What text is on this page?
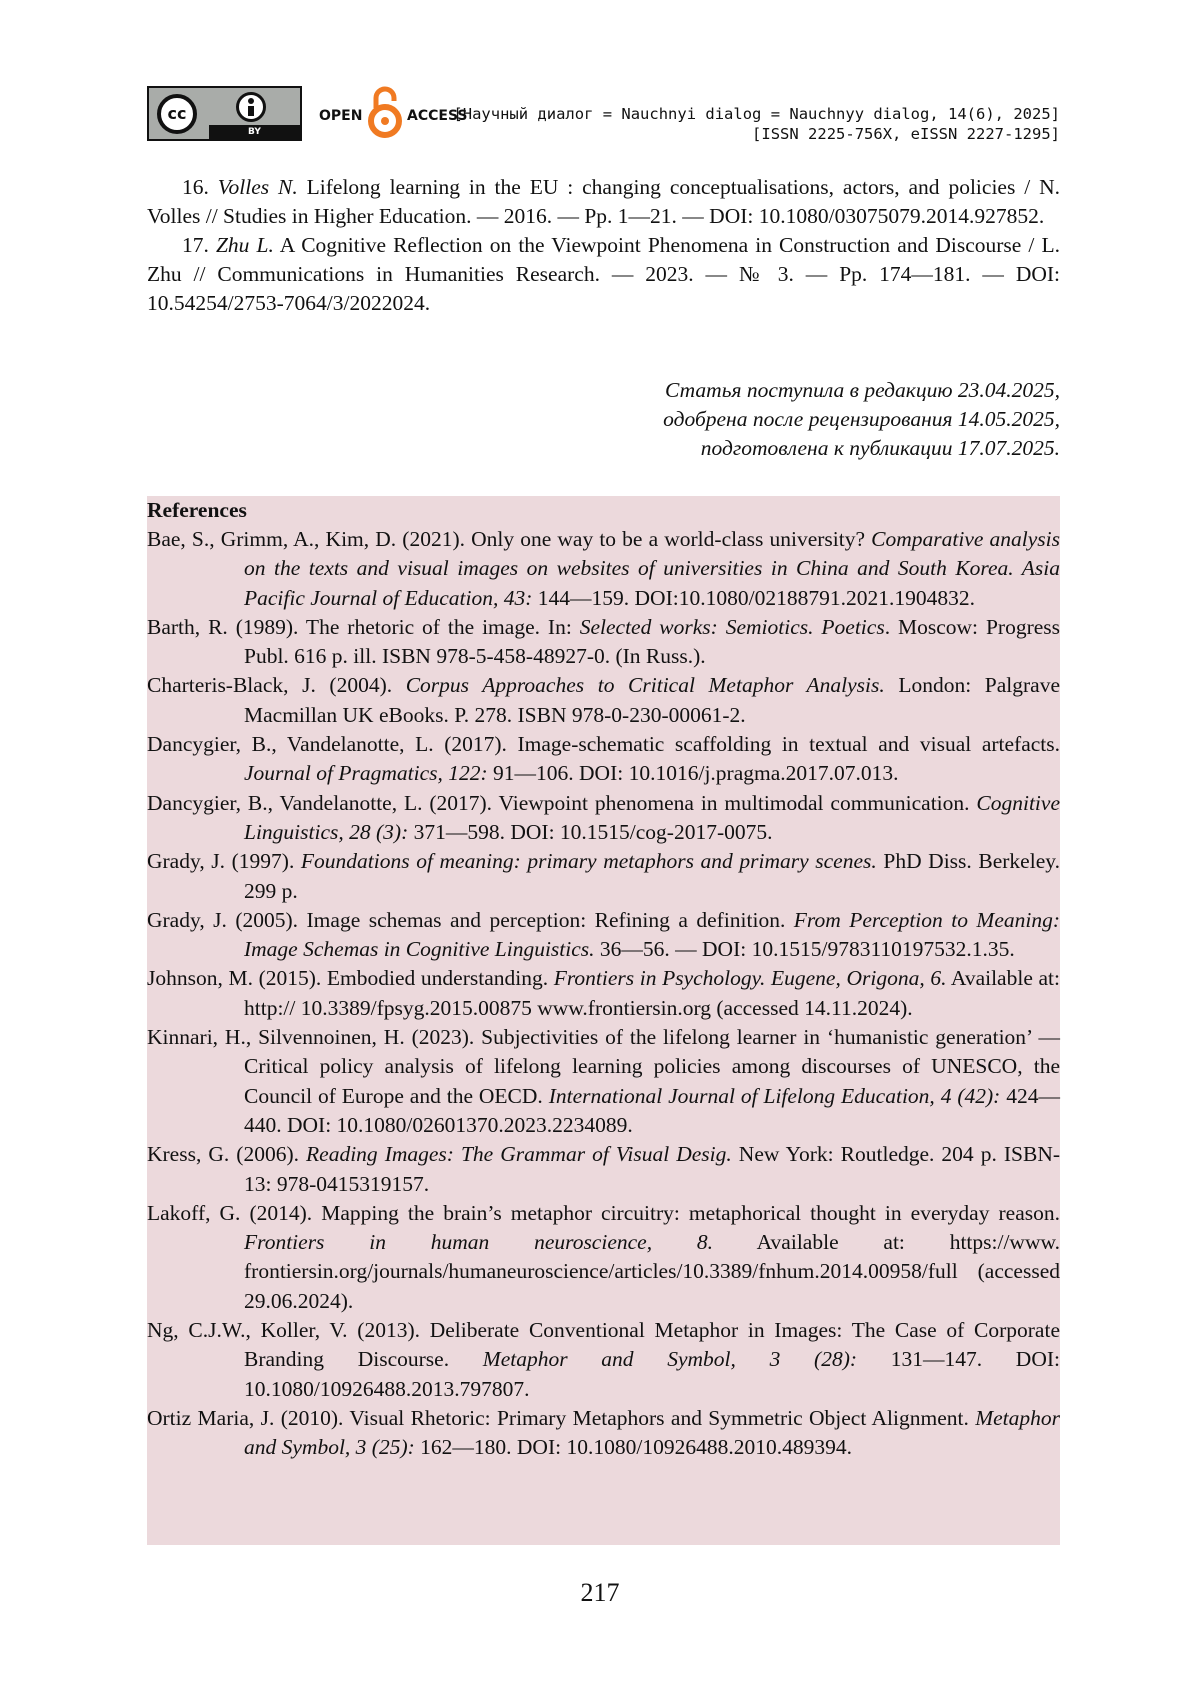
cc
BY
OPEN	ACCESS
[Научный диалог = Nauchnyi dialog = Nauchnyy dialog, 14(6), 2025]
[ISSN 2225-756X, eISSN 2227-1295]

16. Volles N. Lifelong learning in the EU : changing conceptualisations, actors, and policies / N. Volles // Studies in Higher Education. — 2016. — Pp. 1—21. — DOI: 10.1080/03075079.2014.927852.

17. Zhu L. A Cognitive Reflection on the Viewpoint Phenomena in Construction and Discourse / L. Zhu // Communications in Humanities Research. — 2023. — № 3. — Pp. 174—181. — DOI: 10.54254/2753-7064/3/2022024.

Статья поступила в редакцию 23.04.2025,
одобрена после рецензирования 14.05.2025,
подготовлена к публикации 17.07.2025.
References

Bae, S., Grimm, A., Kim, D. (2021). Only one way to be a world-class university? Comparative analysis on the texts and visual images on websites of universities in China and South Korea. Asia Pacific Journal of Education, 43: 144—159. DOI:10.1080/02188791.2021.1904832.

Barth, R. (1989). The rhetoric of the image. In: Selected works: Semiotics. Poetics. Moscow: Progress Publ. 616 p. ill. ISBN 978-5-458-48927-0. (In Russ.).

Charteris-Black, J. (2004). Corpus Approaches to Critical Metaphor Analysis. London: Palgrave Macmillan UK eBooks. P. 278. ISBN 978-0-230-00061-2.

Dancygier, B., Vandelanotte, L. (2017). Image-schematic scaffolding in textual and visual artefacts. Journal of Pragmatics, 122: 91—106. DOI: 10.1016/j.pragma.2017.07.013.

Dancygier, B., Vandelanotte, L. (2017). Viewpoint phenomena in multimodal communication. Cognitive Linguistics, 28 (3): 371—598. DOI: 10.1515/cog-2017-0075.

Grady, J. (1997). Foundations of meaning: primary metaphors and primary scenes. PhD Diss. Berkeley. 299 p.

Grady, J. (2005). Image schemas and perception: Refining a definition. From Perception to Meaning: Image Schemas in Cognitive Linguistics. 36—56. — DOI: 10.1515/9783110197532.1.35.

Johnson, M. (2015). Embodied understanding. Frontiers in Psychology. Eugene, Origona, 6. Available at: http:// 10.3389/fpsyg.2015.00875 www.frontiersin.org (accessed 14.11.2024).

Kinnari, H., Silvennoinen, H. (2023). Subjectivities of the lifelong learner in ‘humanistic generation’ — Critical policy analysis of lifelong learning policies among discourses of UNESCO, the Council of Europe and the OECD. International Journal of Lifelong Education, 4 (42): 424—440. DOI: 10.1080/02601370.2023.2234089.

Kress, G. (2006). Reading Images: The Grammar of Visual Desig. New York: Routledge. 204 p. ISBN-13: 978-0415319157.

Lakoff, G. (2014). Mapping the brain’s metaphor circuitry: metaphorical thought in everyday reason. Frontiers in human neuroscience, 8. Available at: https://www. frontiersin.org/journals/humaneuroscience/articles/10.3389/fnhum.2014.00958/full (accessed 29.06.2024).

Ng, C.J.W., Koller, V. (2013). Deliberate Conventional Metaphor in Images: The Case of Corporate Branding Discourse. Metaphor and Symbol, 3 (28): 131—147. DOI: 10.1080/10926488.2013.797807.

Ortiz Maria, J. (2010). Visual Rhetoric: Primary Metaphors and Symmetric Object Alignment. Metaphor and Symbol, 3 (25): 162—180. DOI: 10.1080/10926488.2010.489394.

217
